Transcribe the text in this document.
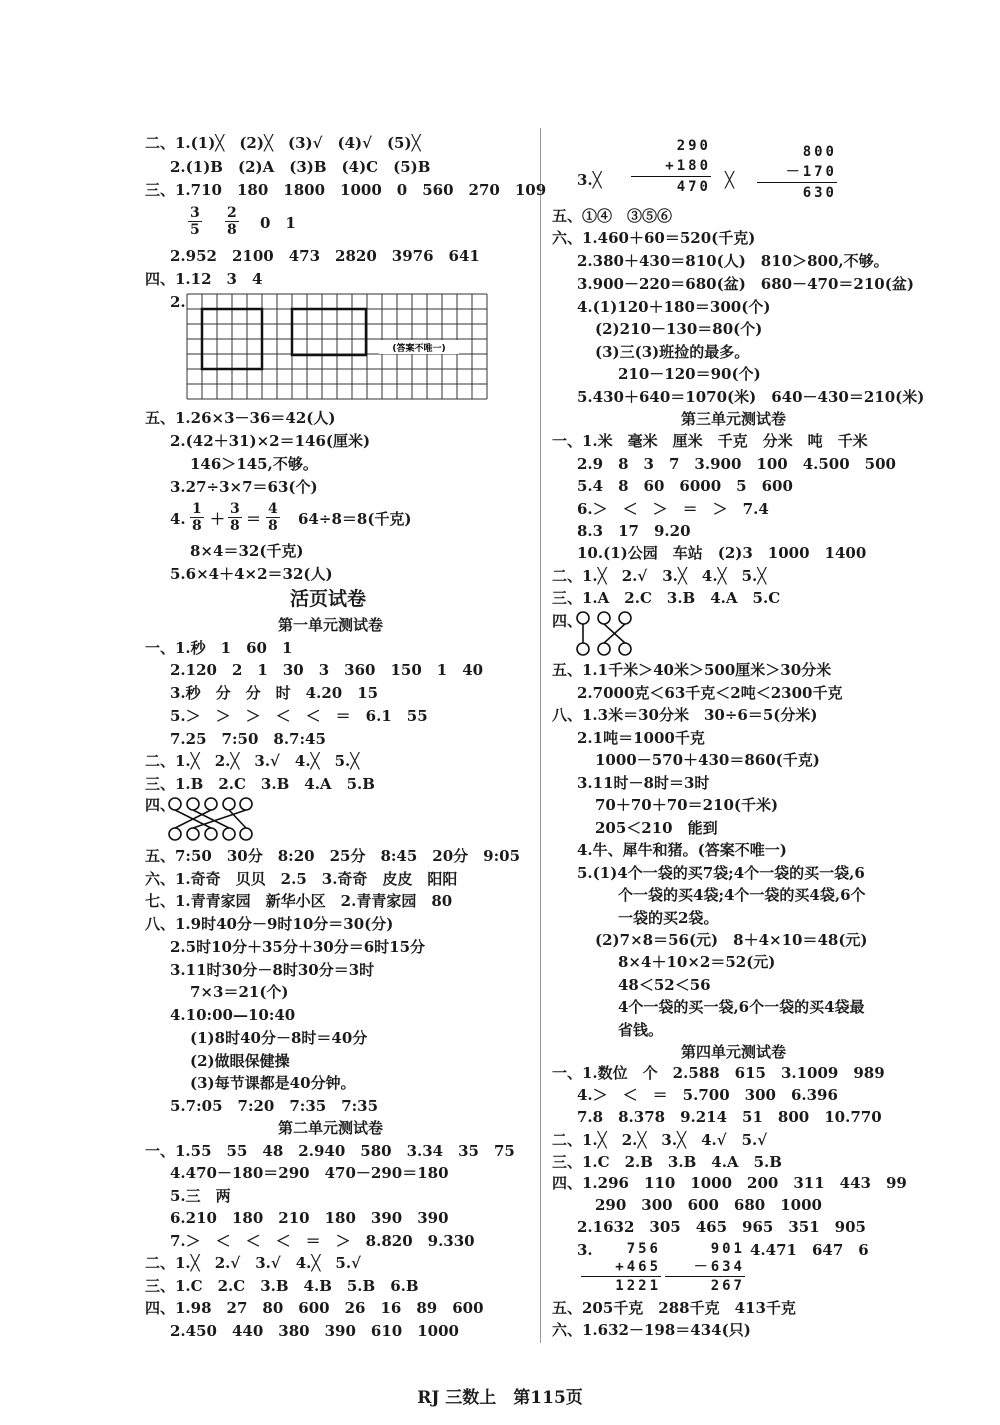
二、1.(1)╳　(2)╳　(3)√　(4)√　(5)╳
2.(1)B　(2)A　(3)B　(4)C　(5)B
三、1.710　180　1800　1000　0　560　270　109
$\frac{3}{5} \frac{2}{8} 0$　1
2.952　2100　473　2820　3976　641
四、1.12　3　4
2.
(答案不唯一)
五、1.26×3－36＝42(人)
2.(42＋31)×2＝146(厘米)
146＞145,不够。
3.27÷3×7＝63(个)
4. $\frac{1}{8} + \frac{3}{8} = \frac{4}{8} 64\div 8=8$(千克)
8×4＝32(千克)
5.6×4＋4×2＝32(人)
活页试卷
第一单元测试卷
一、1.秒　1　60　1
2.120　2　1　30　3　360　150　1　40
3.秒　分　分　时　4.20　15
5.＞　＞　＞　＜　＜　＝　6.1　55
7.25　7:50　8.7:45
二、1.╳　2.╳　3.√　4.╳　5.╳
三、1.B　2.C　3.B　4.A　5.B
四、
五、7:50　30分　8:20　25分　8:45　20分　9:05
六、1.奇奇　贝贝　2.5　3.奇奇　皮皮　阳阳
七、1.青青家园　新华小区　2.青青家园　80
八、1.9时40分－9时10分＝30(分)
2.5时10分＋35分＋30分＝6时15分
3.11时30分－8时30分＝3时
7×3＝21(个)
4.10:00—10:40
(1)8时40分－8时＝40分
(2)做眼保健操
(3)每节课都是40分钟。
5.7:05　7:20　7:35　7:35
第二单元测试卷
一、1.55　55　48　2.940　580　3.34　35　75
4.470－180＝290　470－290＝180
5.三　两
6.210　180　210　180　390　390
7.＞　＜　＜　＜　＝　＞　8.820　9.330
二、1.╳　2.√　3.√　4.╳　5.√
三、1.C　2.C　3.B　4.B　5.B　6.B
四、1.98　27　80　600　26　16　89　600
2.450　440　380　390　610　1000
3.╳
290
+180
470 ╳
800
－170
630
五、①④　③⑤⑥
六、1.460＋60＝520(千克)
2.380＋430＝810(人)　810＞800,不够。
3.900－220＝680(盆)　680－470＝210(盆)
4.(1)120＋180＝300(个)
(2)210－130＝80(个)
(3)三(3)班捡的最多。
210－120＝90(个)
5.430＋640＝1070(米)　640－430＝210(米)
第三单元测试卷
一、1.米　毫米　厘米　千克　分米　吨　千米
2.9　8　3　7　3.900　100　4.500　500
5.4　8　60　6000　5　600
6.＞　＜　＞　＝　＞　7.4
8.3　17　9.20
10.(1)公园　车站　(2)3　1000　1400
二、1.╳　2.√　3.╳　4.╳　5.╳
三、1.A　2.C　3.B　4.A　5.C
四、
五、1.1千米＞40米＞500厘米＞30分米
2.7000克＜63千克＜2吨＜2300千克
八、1.3米＝30分米　30÷6＝5(分米)
2.1吨＝1000千克
1000－570＋430＝860(千克)
3.11时－8时＝3时
70＋70＋70＝210(千米)
205＜210　能到
4.牛、犀牛和猪。(答案不唯一)
5.(1)4个一袋的买7袋;4个一袋的买一袋,6
个一袋的买4袋;4个一袋的买4袋,6个
一袋的买2袋。
(2)7×8＝56(元)　8＋4×10＝48(元)
8×4＋10×2＝52(元)
48＜52＜56
4个一袋的买一袋,6个一袋的买4袋最
省钱。
第四单元测试卷
一、1.数位　个　2.588　615　3.1009　989
4.＞　＜　＝　5.700　300　6.396
7.8　8.378　9.214　51　800　10.770
二、1.╳　2.╳　3.╳　4.√　5.√
三、1.C　2.B　3.B　4.A　5.B
四、1.296　110　1000　200　311　443　99
290　300　600　680　1000
2.1632　305　465　965　351　905
3.	756
+465
1221
901
－634
267
4.471　647　6
五、205千克　288千克　413千克
六、1.632－198＝434(只)
RJ 三数上　第115页
